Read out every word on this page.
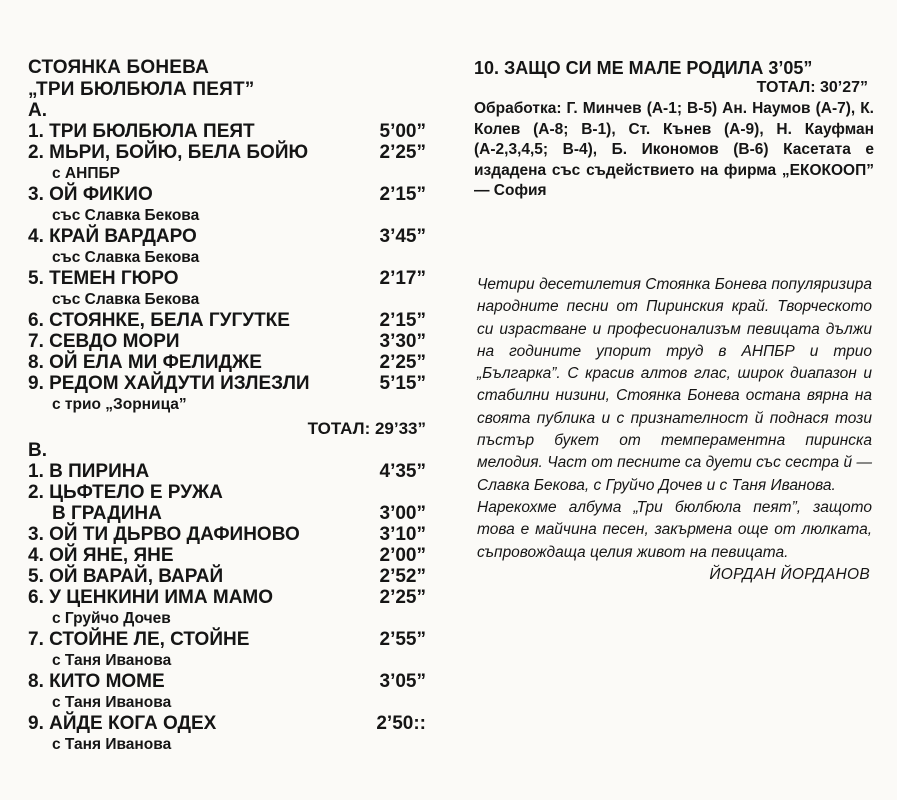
СТОЯНКА БОНЕВА
„ТРИ БЮЛБЮЛА ПЕЯТ”
А.
1. ТРИ БЮЛБЮЛА ПЕЯТ	5’00”
2. МЬРИ, БОЙЮ, БЕЛА БОЙЮ	2’25”
с АНПБР
3. ОЙ ФИКИО	2’15”
със Славка Бекова
4. КРАЙ ВАРДАРО	3’45”
със Славка Бекова
5. ТЕМЕН ГЮРО	2’17”
със Славка Бекова
6. СТОЯНКЕ, БЕЛА ГУГУТКЕ	2’15”
7. СЕВДО МОРИ	3’30”
8. ОЙ ЕЛА МИ ФЕЛИДЖЕ	2’25”
9. РЕДОМ ХАЙДУТИ ИЗЛЕЗЛИ	5’15”
с трио „Зорница”
ТОТАЛ: 29’33”
В.
1. В ПИРИНА	4’35”
2. ЦЬФТЕЛО Е РУЖА
В ГРАДИНА	3’00”
3. ОЙ ТИ ДЬРВО ДАФИНОВО	3’10”
4. ОЙ ЯНЕ, ЯНЕ	2’00”
5. ОЙ ВАРАЙ, ВАРАЙ	2’52”
6. У ЦЕНКИНИ ИМА МАМО	2’25”
с Груйчо Дочев
7. СТОЙНЕ ЛЕ, СТОЙНЕ	2’55”
с Таня Иванова
8. КИТО МОМЕ	3’05”
с Таня Иванова
9. АЙДЕ КОГА ОДЕХ	2’50::
с Таня Иванова
10. ЗАЩО СИ МЕ МАЛЕ РОДИЛА 3’05”
ТОТАЛ: 30’27”
Обработка: Г. Минчев (А-1; В-5) Ан. Наумов (А-7), К. Колев (А-8; В-1), Ст. Кънев (А-9), Н. Кауфман (А-2,3,4,5; В-4), Б. Икономов (В-6) Касетата е издадена със съдействието на фирма „ЕКОКООП” — София
Четири десетилетия Стоянка Бонева популяризира народните песни от Пиринския край. Творческото си израстване и професионализъм певицата дължи на годините упорит труд в АНПБР и трио „Българка”. С красив алтов глас, широк диапазон и стабилни низини, Стоянка Бонева остана вярна на своята публика и с признателност й поднася този пъстър букет от темпераментна пиринска мелодия. Част от песните са дуети със сестра й — Славка Бекова, с Груйчо Дочев и с Таня Иванова.
Нарекохме албума „Три бюлбюла пеят”, защото това е майчина песен, закърмена още от люлката, съпровождаща целия живот на певицата.
ЙОРДАН ЙОРДАНОВ
